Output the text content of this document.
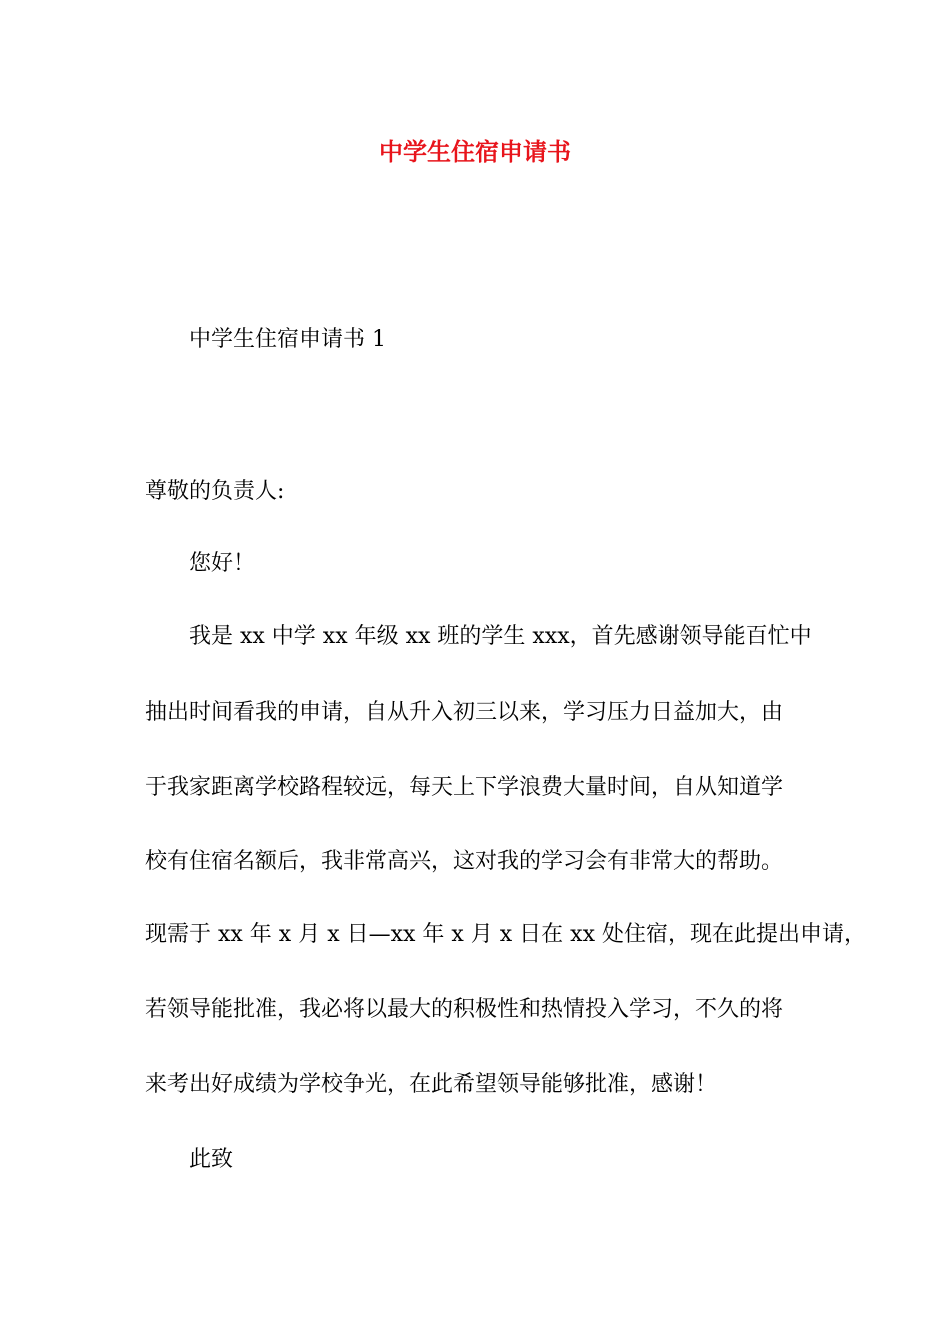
中学生住宿申请书

中学生住宿申请书 1

尊敬的负责人:

您好！

我是 xx 中学 xx 年级 xx 班的学生 xxx，首先感谢领导能百忙中

抽出时间看我的申请，自从升入初三以来，学习压力日益加大，由

于我家距离学校路程较远，每天上下学浪费大量时间，自从知道学

校有住宿名额后，我非常高兴，这对我的学习会有非常大的帮助。

现需于 xx 年 x 月 x 日—xx 年 x 月 x 日在 xx 处住宿，现在此提出申请，

若领导能批准，我必将以最大的积极性和热情投入学习，不久的将

来考出好成绩为学校争光，在此希望领导能够批准，感谢！

此致
